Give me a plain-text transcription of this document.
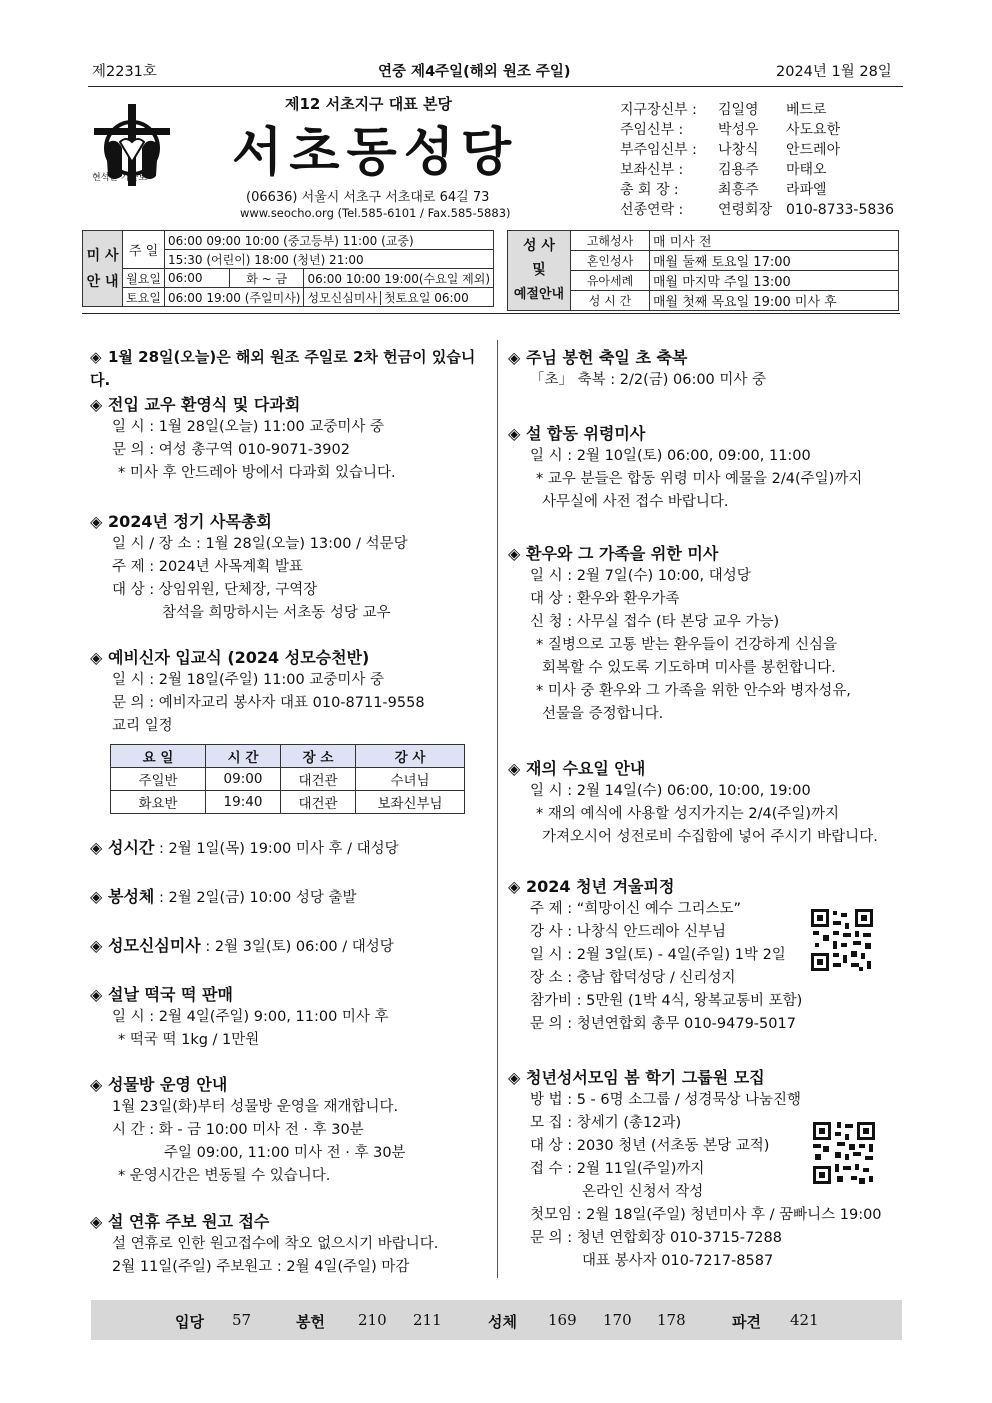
제2231호	연중 제4주일(해외 원조 주일)	2024년 1월 28일
현석문 가롤로
제12 서초지구 대표 본당
서초동성당
(06636) 서울시 서초구 서초대로 64길 73
www.seocho.org (Tel.585-6101 / Fax.585-5883)
지구장신부 :	김일영	베드로
주임신부 :	박성우	사도요한
부주임신부 :	나창식	안드레아
보좌신부 :	김용주	마태오
총 회 장 :	최흥주	라파엘
선종연락 :	연령회장 010-8733-5836
미 사
안 내	주 일	06:00 09:00 10:00 (중고등부) 11:00 (교중)		
		15:30 (어린이) 18:00 (청년) 21:00		
	월요일	06:00	화 ~ 금	06:00 10:00 19:00(수요일 제외)
	토요일	06:00 19:00 (주일미사)		성모신심미사 첫토요일 06:00
성 사
및
예절안내	고해성사	매 미사 전
	혼인성사	매월 둘째 토요일 17:00
	유아세례	매월 마지막 주일 13:00
	성 시 간	매월 첫째 목요일 19:00 미사 후
◈ 1월 28일(오늘)은 해외 원조 주일로 2차 헌금이 있습니다.
◈ 전입 교우 환영식 및 다과회
일 시 : 1월 28일(오늘) 11:00 교중미사 중
문 의 : 여성 총구역 010-9071-3902
* 미사 후 안드레아 방에서 다과회 있습니다.
◈ 2024년 정기 사목총회
일 시 / 장 소 : 1월 28일(오늘) 13:00 / 석문당
주 제 : 2024년 사목계획 발표
대 상 : 상임위원, 단체장, 구역장
참석을 희망하시는 서초동 성당 교우
◈ 예비신자 입교식 (2024 성모승천반)
일 시 : 2월 18일(주일) 11:00 교중미사 중
문 의 : 예비자교리 봉사자 대표 010-8711-9558
교리 일정
요 일	시 간	장 소	강 사
주일반	09:00	대건관	수녀님
화요반	19:40	대건관	보좌신부님
◈ 성시간 : 2월 1일(목) 19:00 미사 후 / 대성당
◈ 봉성체 : 2월 2일(금) 10:00 성당 출발
◈ 성모신심미사 : 2월 3일(토) 06:00 / 대성당
◈ 설날 떡국 떡 판매
일 시 : 2월 4일(주일) 9:00, 11:00 미사 후
* 떡국 떡 1kg / 1만원
◈ 성물방 운영 안내
1월 23일(화)부터 성물방 운영을 재개합니다.
시 간 : 화 - 금 10:00 미사 전 · 후 30분
주일 09:00, 11:00 미사 전 · 후 30분
* 운영시간은 변동될 수 있습니다.
◈ 설 연휴 주보 원고 접수
설 연휴로 인한 원고접수에 착오 없으시기 바랍니다.
2월 11일(주일) 주보원고 : 2월 4일(주일) 마감
◈ 주님 봉헌 축일 초 축복
「초」 축복 : 2/2(금) 06:00 미사 중
◈ 설 합동 위령미사
일 시 : 2월 10일(토) 06:00, 09:00, 11:00
* 교우 분들은 합동 위령 미사 예물을 2/4(주일)까지
사무실에 사전 접수 바랍니다.
◈ 환우와 그 가족을 위한 미사
일 시 : 2월 7일(수) 10:00, 대성당
대 상 : 환우와 환우가족
신 청 : 사무실 접수 (타 본당 교우 가능)
* 질병으로 고통 받는 환우들이 건강하게 신심을
회복할 수 있도록 기도하며 미사를 봉헌합니다.
* 미사 중 환우와 그 가족을 위한 안수와 병자성유,
선물을 증정합니다.
◈ 재의 수요일 안내
일 시 : 2월 14일(수) 06:00, 10:00, 19:00
* 재의 예식에 사용할 성지가지는 2/4(주일)까지
가져오시어 성전로비 수집함에 넣어 주시기 바랍니다.
◈ 2024 청년 겨울피정
주 제 : “희망이신 예수 그리스도”
강 사 : 나창식 안드레아 신부님
일 시 : 2월 3일(토) - 4일(주일) 1박 2일
장 소 : 충남 합덕성당 / 신리성지
참가비 : 5만원 (1박 4식, 왕복교통비 포함)
문 의 : 청년연합회 총무 010-9479-5017
◈ 청년성서모임 봄 학기 그룹원 모집
방 법 : 5 - 6명 소그룹 / 성경묵상 나눔진행
모 집 : 창세기 (총12과)
대 상 : 2030 청년 (서초동 본당 교적)
접 수 : 2월 11일(주일)까지
온라인 신청서 작성
첫모임 : 2월 18일(주일) 청년미사 후 / 꿈빠니스 19:00
문 의 : 청년 연합회장 010-3715-7288
대표 봉사자 010-7217-8587
입당 57	봉헌 210 211	성체 169 170 178	파견 421
